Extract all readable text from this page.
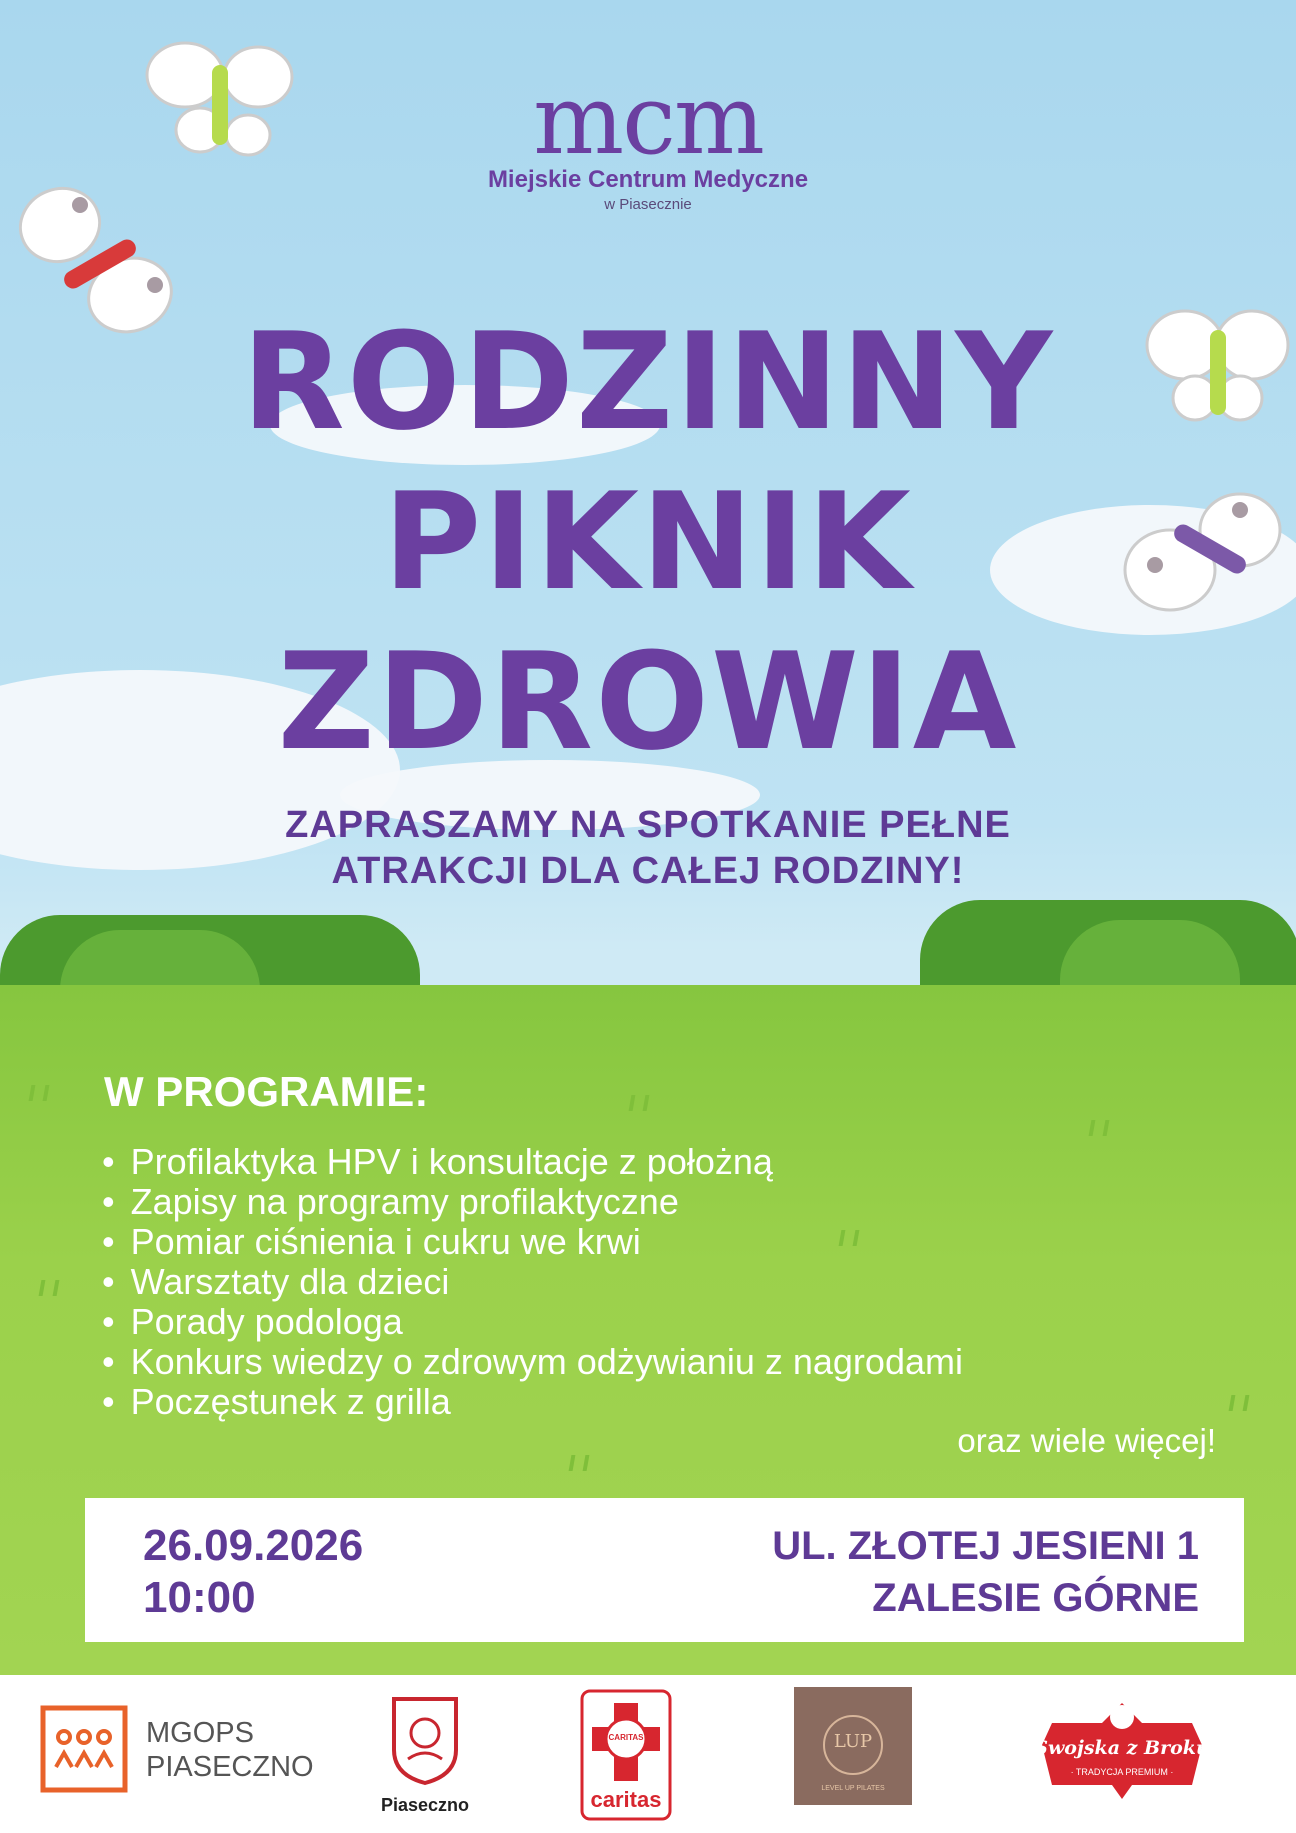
mcm
Miejskie Centrum Medyczne
w Piasecznie
RODZINNY
PIKNIK
ZDROWIA
ZAPRASZAMY NA SPOTKANIE PEŁNE
ATRAKCJI DLA CAŁEJ RODZINY!
W PROGRAMIE:
• Profilaktyka HPV i konsultacje z położną
• Zapisy na programy profilaktyczne
• Pomiar ciśnienia i cukru we krwi
• Warsztaty dla dzieci
• Porady podologa
• Konkurs wiedzy o zdrowym odżywianiu z nagrodami
• Poczęstunek z grilla
oraz wiele więcej!
26.09.2026
10:00
UL. ZŁOTEJ JESIENI 1
ZALESIE GÓRNE
MGOPS
PIASECZNO
Piaseczno
CARITAS
caritas
LUP
LEVEL UP PILATES
Swojska z Broku
· TRADYCJA PREMIUM ·
